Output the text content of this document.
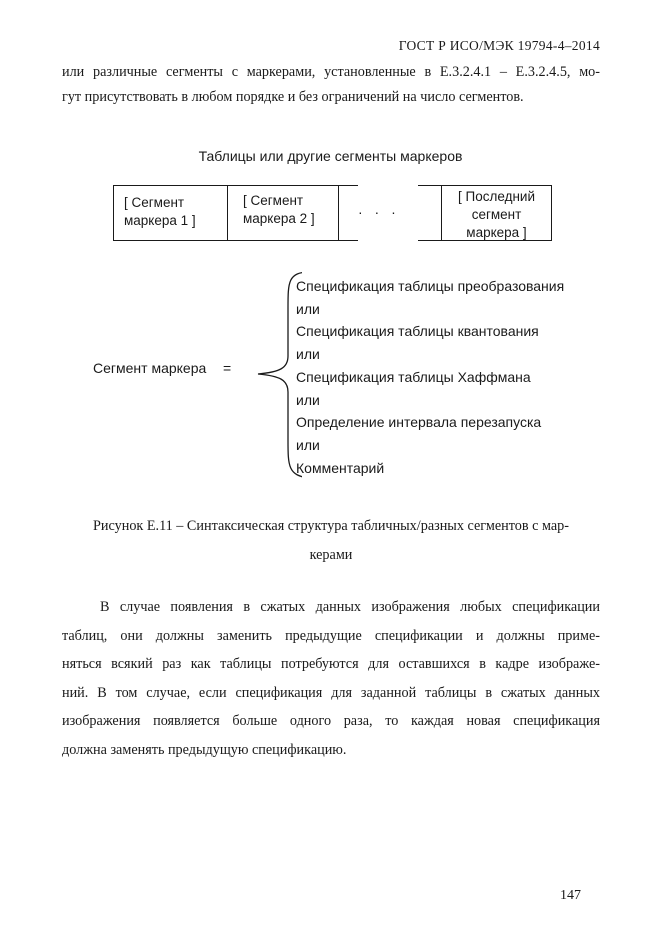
ГОСТ Р ИСО/МЭК 19794-4–2014
или различные сегменты с маркерами, установленные в Е.3.2.4.1 – Е.3.2.4.5, мо-
гут присутствовать в любом порядке и без ограничений на число сегментов.
Таблицы или другие сегменты маркеров
[ Сегмент
маркера 1 ]
[ Сегмент
маркера 2 ]	· · ·
[ Последний
сегмент
маркера ]
Сегмент маркера =
Спецификация таблицы преобразования
или
Спецификация таблицы квантования
или
Спецификация таблицы Хаффмана
или
Определение интервала перезапуска
или
Комментарий
Рисунок Е.11 – Синтаксическая структура табличных/разных сегментов с мар-
керами
В случае появления в сжатых данных изображения любых спецификации
таблиц, они должны заменить предыдущие спецификации и должны приме-
няться всякий раз как таблицы потребуются для оставшихся в кадре изображе-
ний. В том случае, если спецификация для заданной таблицы в сжатых данных
изображения появляется больше одного раза, то каждая новая спецификация
должна заменять предыдущую спецификацию.
147
